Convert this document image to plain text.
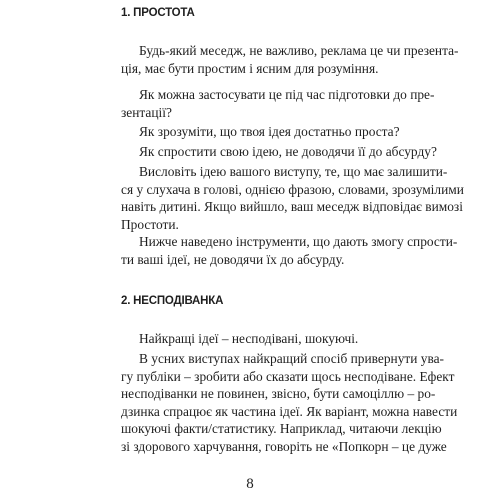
1. ПРОСТОТА
Будь-який меседж, не важливо, реклама це чи презента-
ція, має бути простим і ясним для розуміння.
Як можна застосувати це під час підготовки до пре-
зентації?
Як зрозуміти, що твоя ідея достатньо проста?
Як спростити свою ідею, не доводячи її до абсурду?
Висловіть ідею вашого виступу, те, що має залишити-
ся у слухача в голові, однією фразою, словами, зрозумілими
навіть дитині. Якщо вийшло, ваш меседж відповідає вимозі
Простоти.
Нижче наведено інструменти, що дають змогу спрости-
ти ваші ідеї, не доводячи їх до абсурду.
2. НЕСПОДІВАНКА
Найкращі ідеї – несподівані, шокуючі.
В усних виступах найкращий спосіб привернути ува-
гу публіки – зробити або сказати щось несподіване. Ефект
несподіванки не повинен, звісно, бути самоціллю – ро-
дзинка спрацює як частина ідеї. Як варіант, можна навести
шокуючі факти/статистику. Наприклад, читаючи лекцію
зі здорового харчування, говоріть не «Попкорн – це дуже
8
